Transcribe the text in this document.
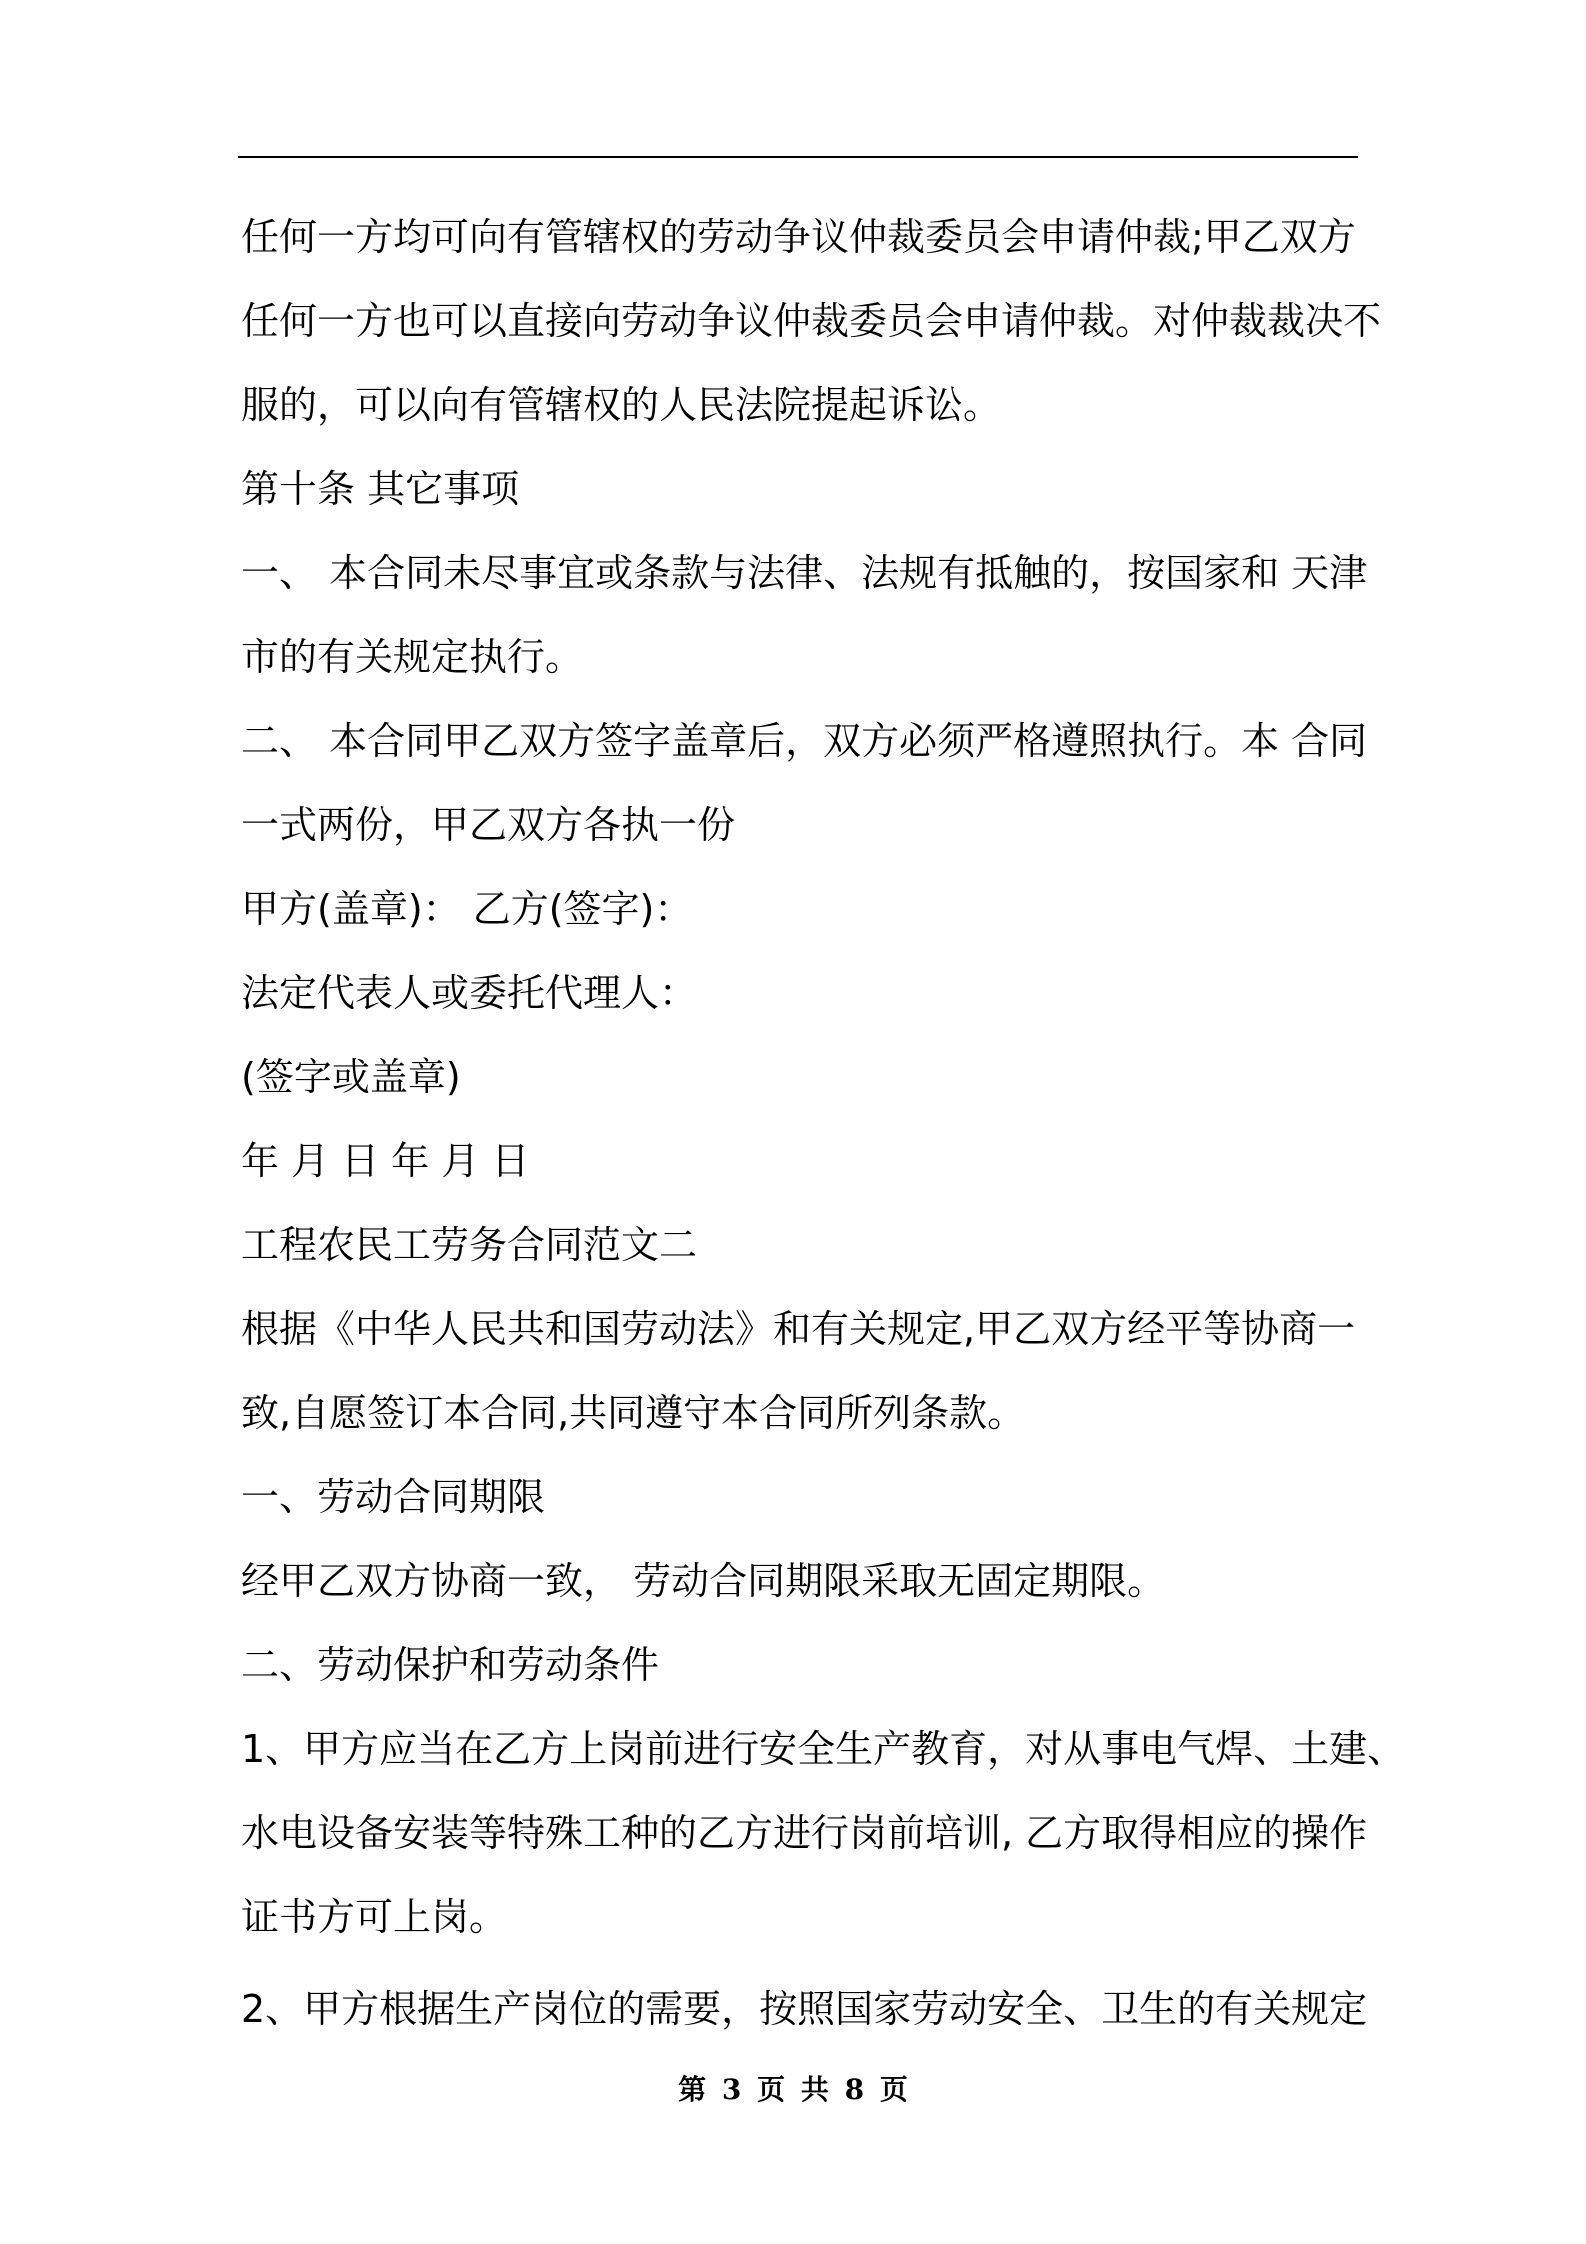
任何一方均可向有管辖权的劳动争议仲裁委员会申请仲裁;甲乙双方
任何一方也可以直接向劳动争议仲裁委员会申请仲裁。对仲裁裁决不
服的，可以向有管辖权的人民法院提起诉讼。
第十条 其它事项
一、 本合同未尽事宜或条款与法律、法规有抵触的，按国家和 天津
市的有关规定执行。
二、 本合同甲乙双方签字盖章后，双方必须严格遵照执行。本 合同
一式两份，甲乙双方各执一份
甲方(盖章)： 乙方(签字)：
法定代表人或委托代理人：
(签字或盖章)
年 月 日 年 月 日
工程农民工劳务合同范文二
根据《中华人民共和国劳动法》和有关规定,甲乙双方经平等协商一
致,自愿签订本合同,共同遵守本合同所列条款。
一、劳动合同期限
经甲乙双方协商一致， 劳动合同期限采取无固定期限。
二、劳动保护和劳动条件
1、甲方应当在乙方上岗前进行安全生产教育，对从事电气焊、土建、
水电设备安装等特殊工种的乙方进行岗前培训, 乙方取得相应的操作
证书方可上岗。
2、甲方根据生产岗位的需要，按照国家劳动安全、卫生的有关规定
第 3 页 共 8 页
